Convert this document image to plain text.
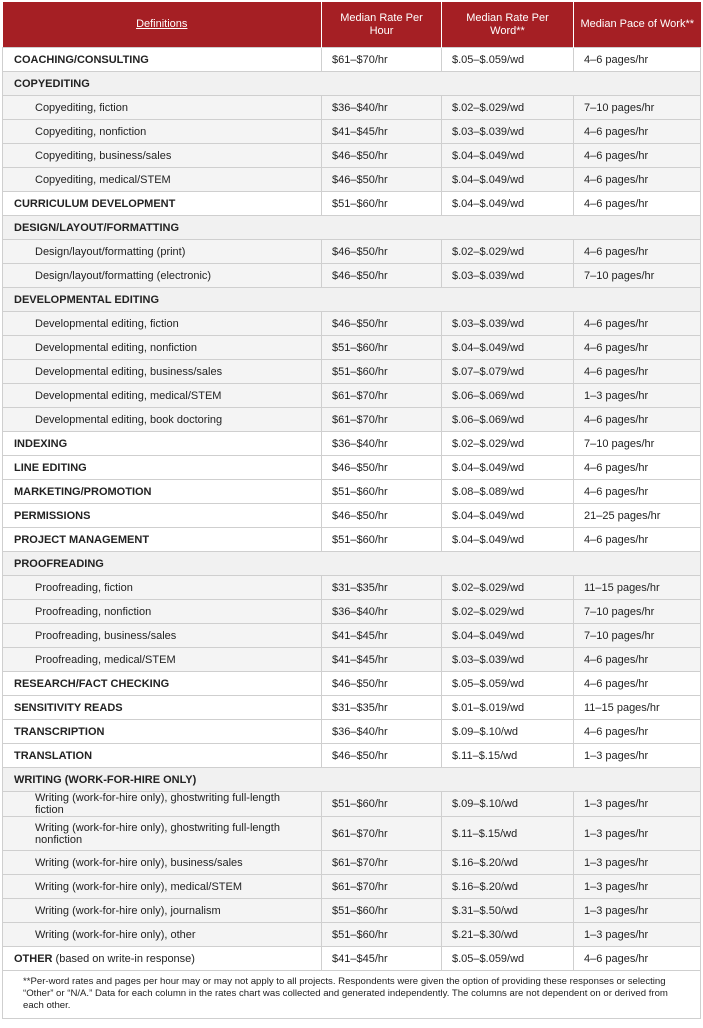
Definitions	Median Rate Per Hour	Median Rate Per Word**	Median Pace of Work**
COACHING/CONSULTING	$61–$70/hr	$.05–$.059/wd	4–6 pages/hr
COPYEDITING			
Copyediting, fiction	$36–$40/hr	$.02–$.029/wd	7–10 pages/hr
Copyediting, nonfiction	$41–$45/hr	$.03–$.039/wd	4–6 pages/hr
Copyediting, business/sales	$46–$50/hr	$.04–$.049/wd	4–6 pages/hr
Copyediting, medical/STEM	$46–$50/hr	$.04–$.049/wd	4–6 pages/hr
CURRICULUM DEVELOPMENT	$51–$60/hr	$.04–$.049/wd	4–6 pages/hr
DESIGN/LAYOUT/FORMATTING			
Design/layout/formatting (print)	$46–$50/hr	$.02–$.029/wd	4–6 pages/hr
Design/layout/formatting (electronic)	$46–$50/hr	$.03–$.039/wd	7–10 pages/hr
DEVELOPMENTAL EDITING			
Developmental editing, fiction	$46–$50/hr	$.03–$.039/wd	4–6 pages/hr
Developmental editing, nonfiction	$51–$60/hr	$.04–$.049/wd	4–6 pages/hr
Developmental editing, business/sales	$51–$60/hr	$.07–$.079/wd	4–6 pages/hr
Developmental editing, medical/STEM	$61–$70/hr	$.06–$.069/wd	1–3 pages/hr
Developmental editing, book doctoring	$61–$70/hr	$.06–$.069/wd	4–6 pages/hr
INDEXING	$36–$40/hr	$.02–$.029/wd	7–10 pages/hr
LINE EDITING	$46–$50/hr	$.04–$.049/wd	4–6 pages/hr
MARKETING/PROMOTION	$51–$60/hr	$.08–$.089/wd	4–6 pages/hr
PERMISSIONS	$46–$50/hr	$.04–$.049/wd	21–25 pages/hr
PROJECT MANAGEMENT	$51–$60/hr	$.04–$.049/wd	4–6 pages/hr
PROOFREADING			
Proofreading, fiction	$31–$35/hr	$.02–$.029/wd	11–15 pages/hr
Proofreading, nonfiction	$36–$40/hr	$.02–$.029/wd	7–10 pages/hr
Proofreading, business/sales	$41–$45/hr	$.04–$.049/wd	7–10 pages/hr
Proofreading, medical/STEM	$41–$45/hr	$.03–$.039/wd	4–6 pages/hr
RESEARCH/FACT CHECKING	$46–$50/hr	$.05–$.059/wd	4–6 pages/hr
SENSITIVITY READS	$31–$35/hr	$.01–$.019/wd	11–15 pages/hr
TRANSCRIPTION	$36–$40/hr	$.09–$.10/wd	4–6 pages/hr
TRANSLATION	$46–$50/hr	$.11–$.15/wd	1–3 pages/hr
WRITING (WORK-FOR-HIRE ONLY)			
Writing (work-for-hire only), ghostwriting full-length fiction	$51–$60/hr	$.09–$.10/wd	1–3 pages/hr
Writing (work-for-hire only), ghostwriting full-length nonfiction	$61–$70/hr	$.11–$.15/wd	1–3 pages/hr
Writing (work-for-hire only), business/sales	$61–$70/hr	$.16–$.20/wd	1–3 pages/hr
Writing (work-for-hire only), medical/STEM	$61–$70/hr	$.16–$.20/wd	1–3 pages/hr
Writing (work-for-hire only), journalism	$51–$60/hr	$.31–$.50/wd	1–3 pages/hr
Writing (work-for-hire only), other	$51–$60/hr	$.21–$.30/wd	1–3 pages/hr
OTHER (based on write-in response)	$41–$45/hr	$.05–$.059/wd	4–6 pages/hr
**Per-word rates and pages per hour may or may not apply to all projects. Respondents were given the option of providing these responses or selecting “Other” or “N/A.” Data for each column in the rates chart was collected and generated independently. The columns are not dependent on or derived from each other.			
